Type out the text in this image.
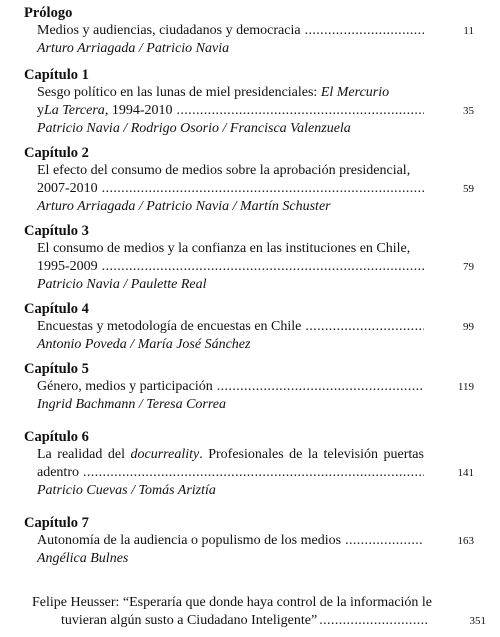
Prólogo
Medios y audiencias, ciudadanos y democracia .....	11
Arturo Arriagada / Patricio Navia
Capítulo 1
Sesgo político en las lunas de miel presidenciales: El Mercurio
y La Tercera , 1994-2010 .....	35
Patricio Navia / Rodrigo Osorio / Francisca Valenzuela
Capítulo 2
El efecto del consumo de medios sobre la aprobación presidencial,
2007-2010 .....	59
Arturo Arriagada / Patricio Navia / Martín Schuster
Capítulo 3
El consumo de medios y la confianza en las instituciones en Chile,
1995-2009 .....	79
Patricio Navia / Paulette Real
Capítulo 4
Encuestas y metodología de encuestas en Chile .....	99
Antonio Poveda / María José Sánchez
Capítulo 5
Género, medios y participación .....	119
Ingrid Bachmann / Teresa Correa
Capítulo 6
La realidad del docurreality. Profesionales de la televisión puertas
adentro .....	141
Patricio Cuevas / Tomás Ariztía
Capítulo 7
Autonomía de la audiencia o populismo de los medios .....	163
Angélica Bulnes
Felipe Heusser: “Esperaría que donde haya control de la información le
tuvieran algún susto a Ciudadano Inteligente” .....	351
